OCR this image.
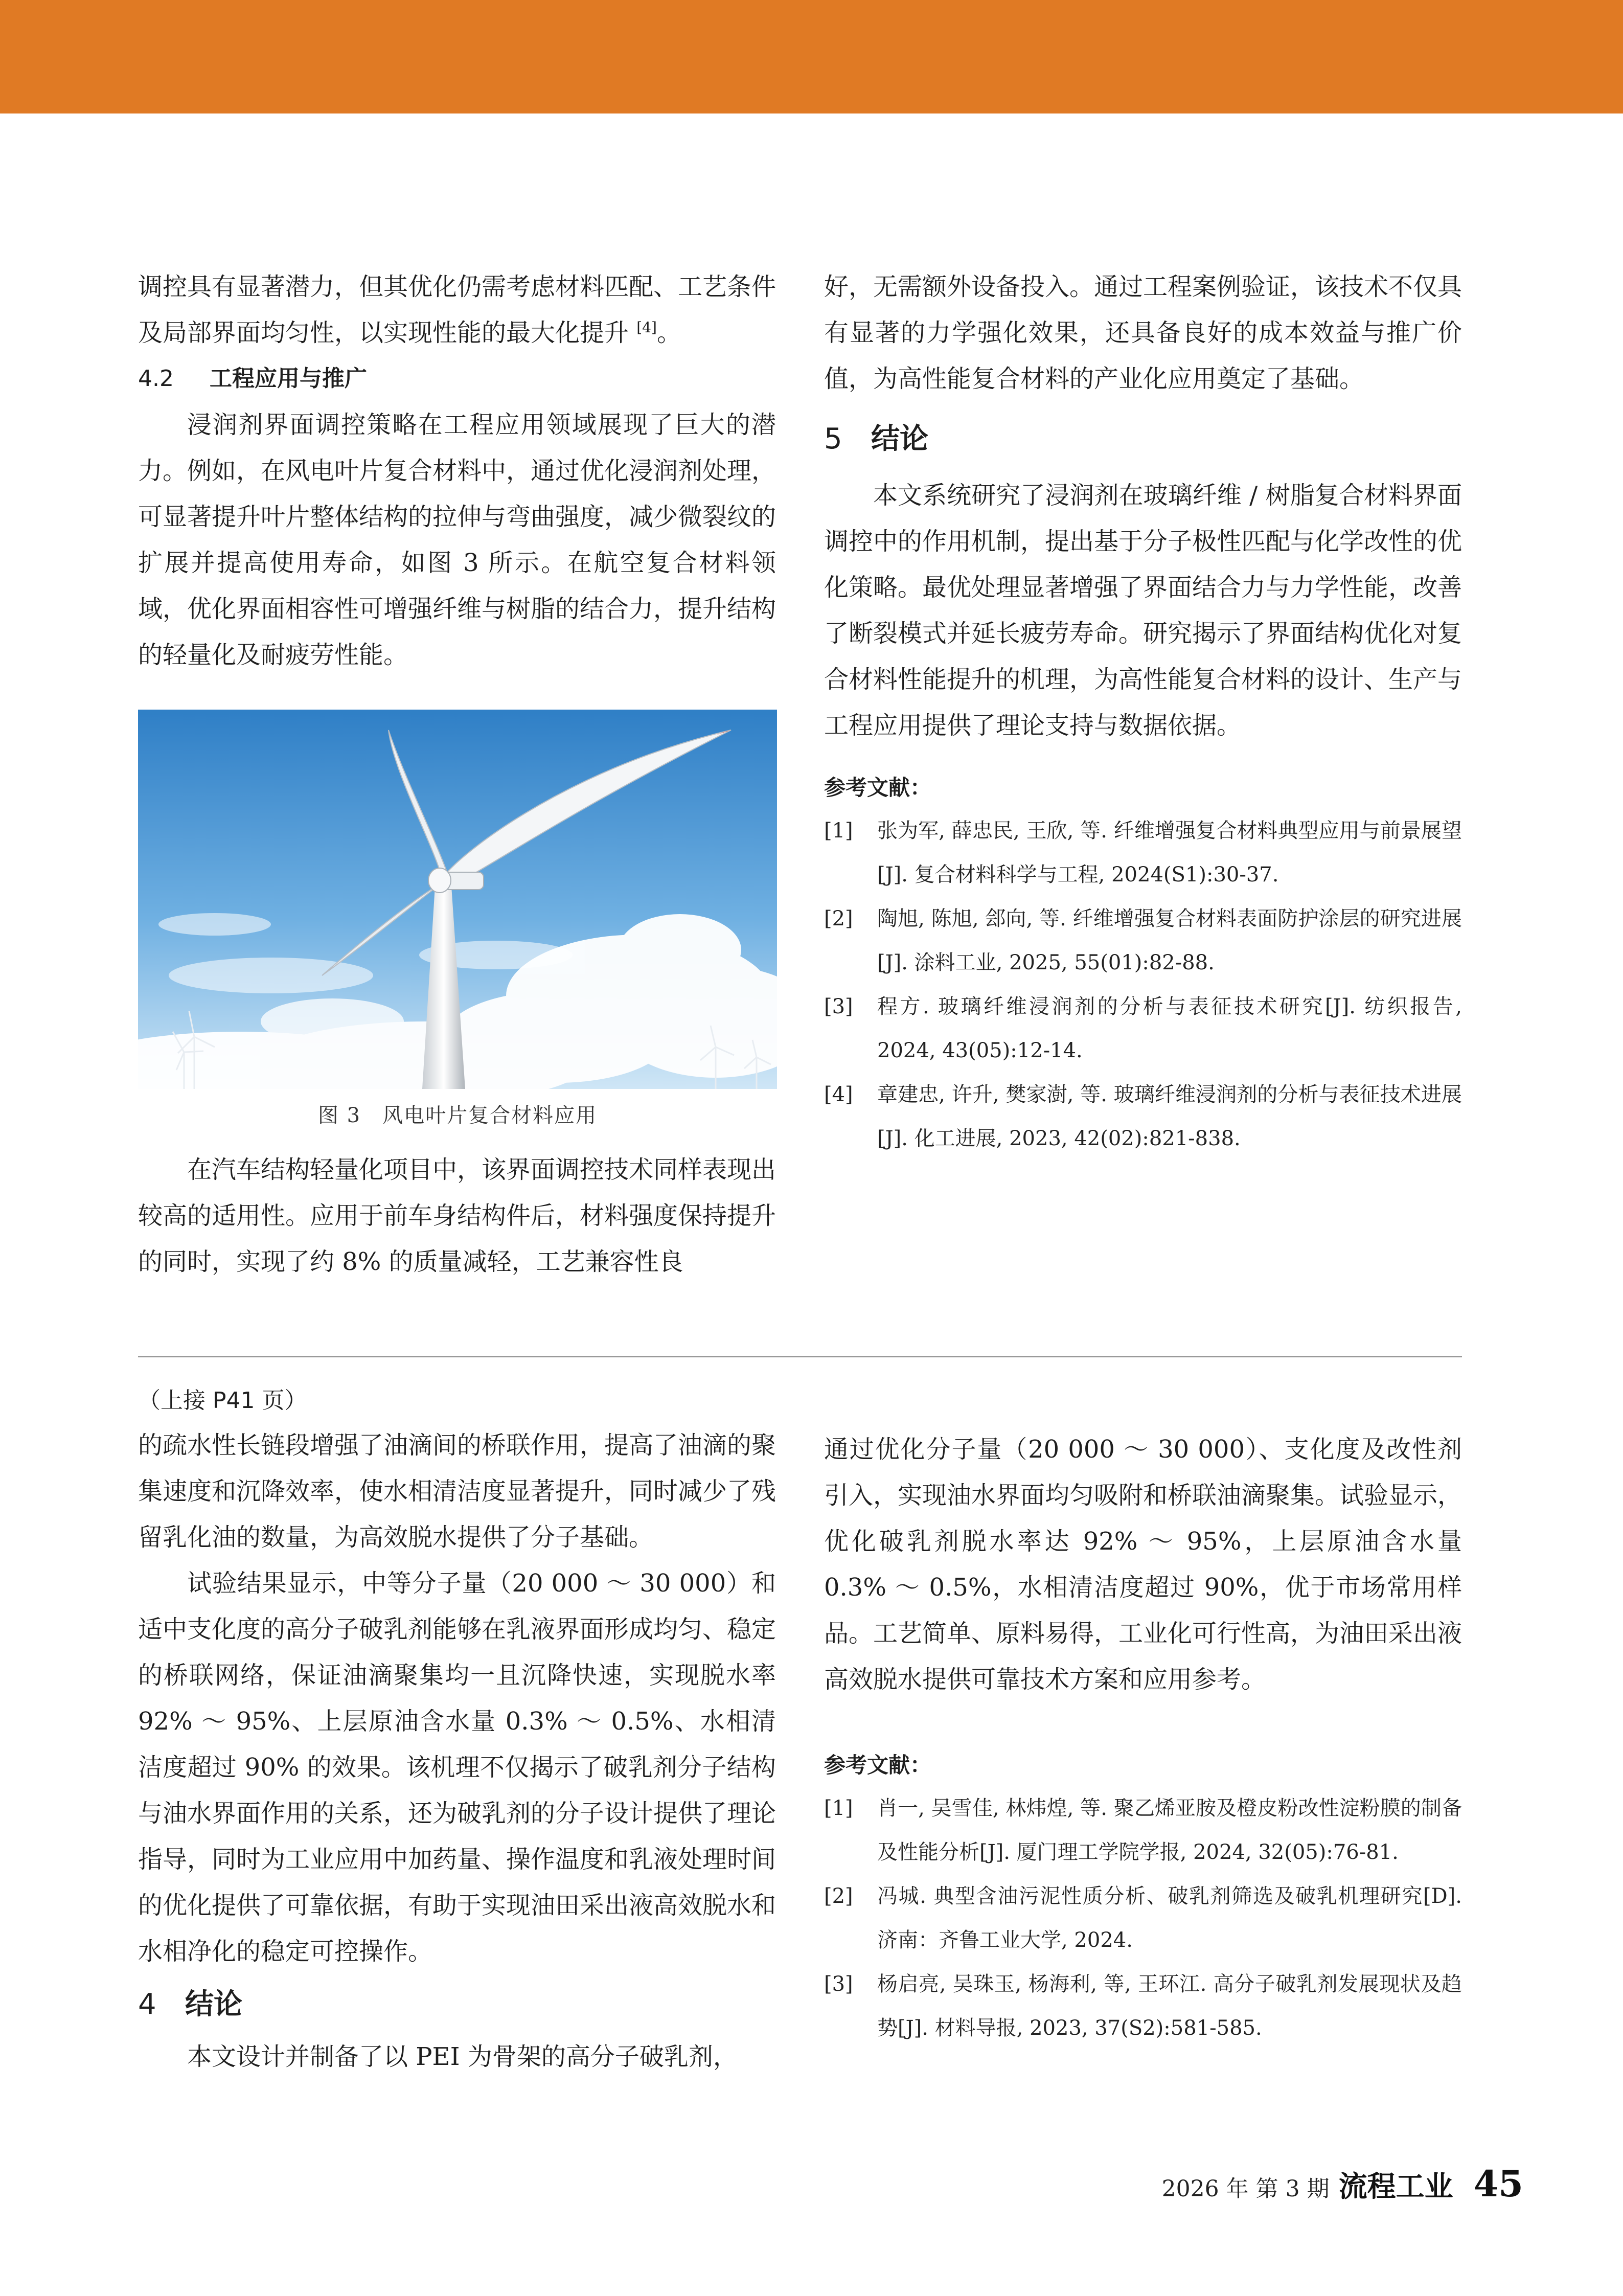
调控具有显著潜力，但其优化仍需考虑材料匹配、工艺条件及局部界面均匀性，以实现性能的最大化提升 [4]。

4.2 工程应用与推广

浸润剂界面调控策略在工程应用领域展现了巨大的潜力。例如，在风电叶片复合材料中，通过优化浸润剂处理，可显著提升叶片整体结构的拉伸与弯曲强度，减少微裂纹的扩展并提高使用寿命，如图 3 所示。在航空复合材料领域，优化界面相容性可增强纤维与树脂的结合力，提升结构的轻量化及耐疲劳性能。

图 3　风电叶片复合材料应用

在汽车结构轻量化项目中，该界面调控技术同样表现出较高的适用性。应用于前车身结构件后，材料强度保持提升的同时，实现了约 8% 的质量减轻，工艺兼容性良

好，无需额外设备投入。通过工程案例验证，该技术不仅具有显著的力学强化效果，还具备良好的成本效益与推广价值，为高性能复合材料的产业化应用奠定了基础。

5 结论

本文系统研究了浸润剂在玻璃纤维 / 树脂复合材料界面调控中的作用机制，提出基于分子极性匹配与化学改性的优化策略。最优处理显著增强了界面结合力与力学性能，改善了断裂模式并延长疲劳寿命。研究揭示了界面结构优化对复合材料性能提升的机理，为高性能复合材料的设计、生产与工程应用提供了理论支持与数据依据。

参考文献：

[1]	张为军, 薛忠民, 王欣, 等. 纤维增强复合材料典型应用与前景展望[J]. 复合材料科学与工程, 2024(S1):30-37.
[2]	陶旭, 陈旭, 郐向, 等. 纤维增强复合材料表面防护涂层的研究进展[J]. 涂料工业, 2025, 55(01):82-88.
[3]	程方. 玻璃纤维浸润剂的分析与表征技术研究[J]. 纺织报告, 2024, 43(05):12-14.
[4]	章建忠, 许升, 樊家澍, 等. 玻璃纤维浸润剂的分析与表征技术进展[J]. 化工进展, 2023, 42(02):821-838.

（上接 P41 页）

的疏水性长链段增强了油滴间的桥联作用，提高了油滴的聚集速度和沉降效率，使水相清洁度显著提升，同时减少了残留乳化油的数量，为高效脱水提供了分子基础。

试验结果显示，中等分子量（20 000 ～ 30 000）和适中支化度的高分子破乳剂能够在乳液界面形成均匀、稳定的桥联网络，保证油滴聚集均一且沉降快速，实现脱水率 92% ～ 95%、上层原油含水量 0.3% ～ 0.5%、水相清洁度超过 90% 的效果。该机理不仅揭示了破乳剂分子结构与油水界面作用的关系，还为破乳剂的分子设计提供了理论指导，同时为工业应用中加药量、操作温度和乳液处理时间的优化提供了可靠依据，有助于实现油田采出液高效脱水和水相净化的稳定可控操作。

4 结论

本文设计并制备了以 PEI 为骨架的高分子破乳剂，

通过优化分子量（20 000 ～ 30 000）、支化度及改性剂引入，实现油水界面均匀吸附和桥联油滴聚集。试验显示，优化破乳剂脱水率达 92% ～ 95%，上层原油含水量 0.3% ～ 0.5%，水相清洁度超过 90%，优于市场常用样品。工艺简单、原料易得，工业化可行性高，为油田采出液高效脱水提供可靠技术方案和应用参考。

参考文献：

[1]	肖一, 吴雪佳, 林炜煌, 等. 聚乙烯亚胺及橙皮粉改性淀粉膜的制备及性能分析[J]. 厦门理工学院学报, 2024, 32(05):76-81.
[2]	冯城. 典型含油污泥性质分析、破乳剂筛选及破乳机理研究[D]. 济南：齐鲁工业大学, 2024.
[3]	杨启亮, 吴珠玉, 杨海利, 等, 王环江. 高分子破乳剂发展现状及趋势[J]. 材料导报, 2023, 37(S2):581-585.
2026 年 第 3 期 流程工业 45
